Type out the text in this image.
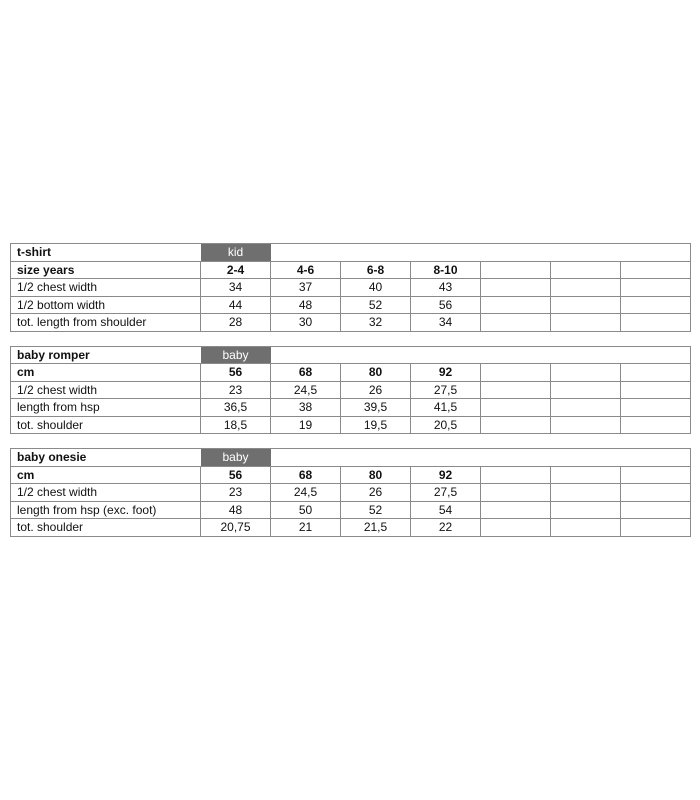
t-shirt	kid						
size years	2-4	4-6	6-8	8-10			
1/2 chest width	34	37	40	43			
1/2 bottom width	44	48	52	56			
tot. length from shoulder	28	30	32	34			
baby romper	baby						
cm	56	68	80	92			
1/2 chest width	23	24,5	26	27,5			
length from hsp	36,5	38	39,5	41,5			
tot. shoulder	18,5	19	19,5	20,5			
baby onesie	baby						
cm	56	68	80	92			
1/2 chest width	23	24,5	26	27,5			
length from hsp (exc. foot)	48	50	52	54			
tot. shoulder	20,75	21	21,5	22			
